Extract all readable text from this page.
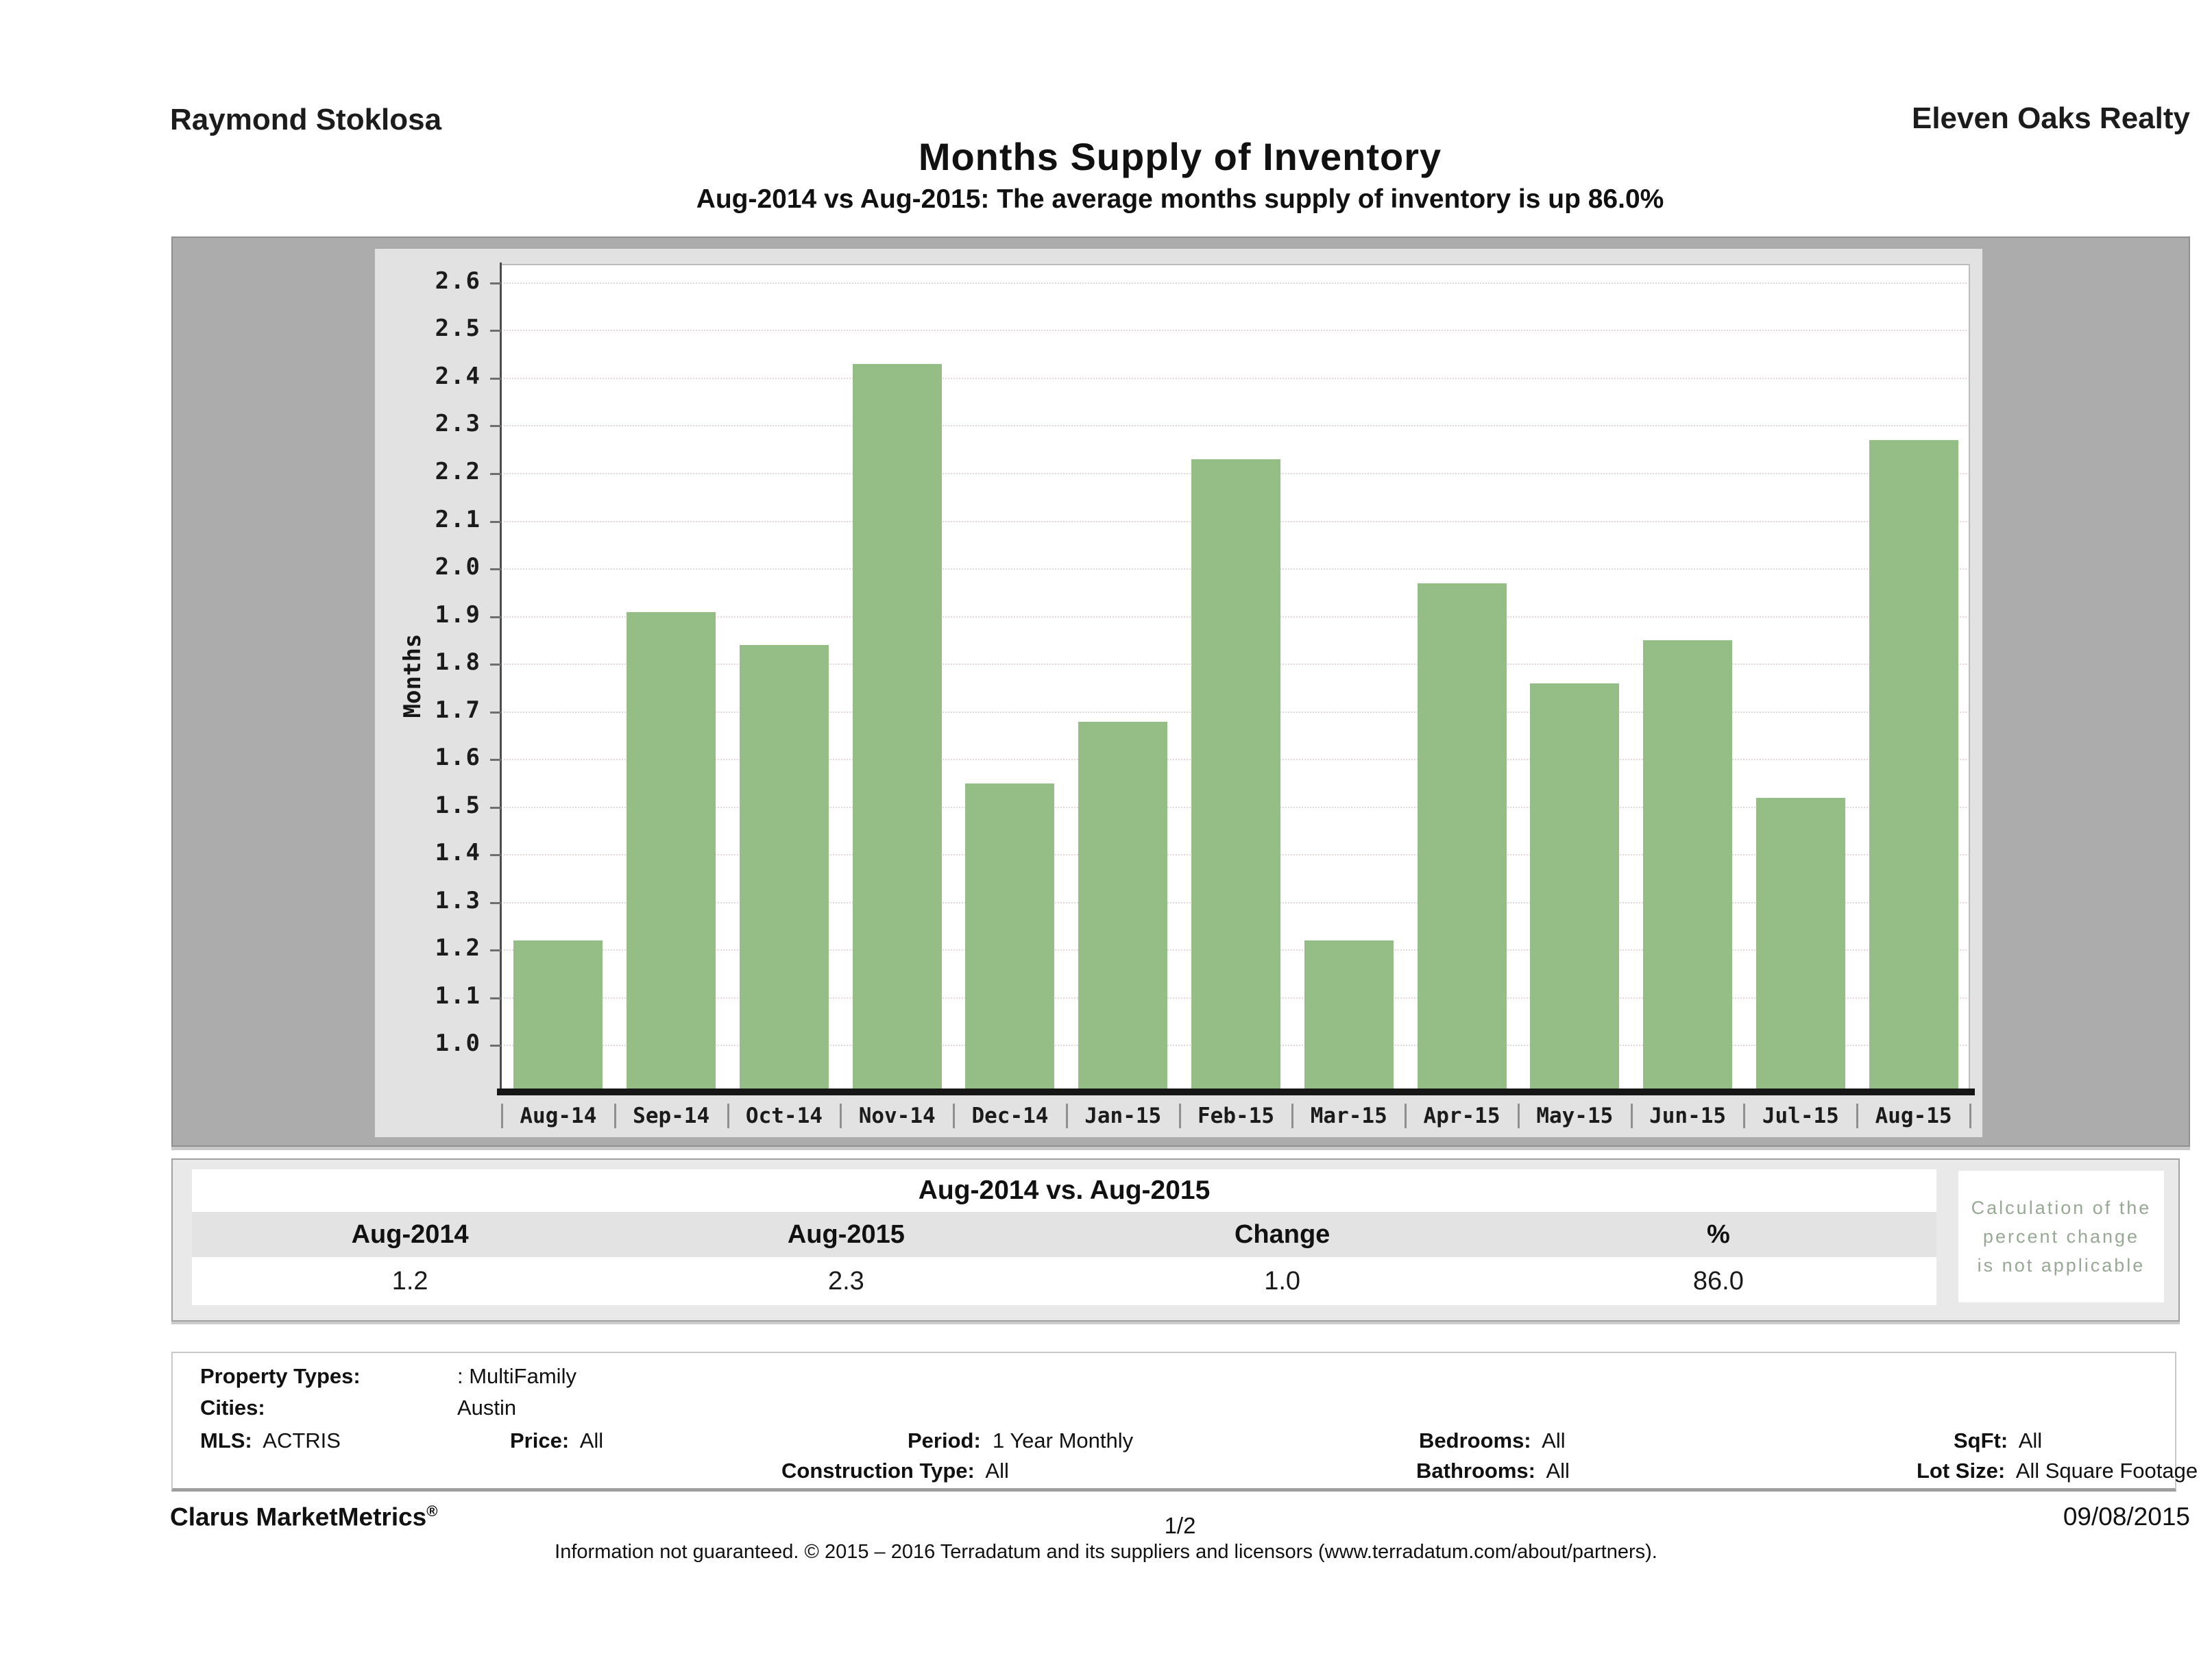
Raymond Stoklosa	Eleven Oaks Realty
Months Supply of Inventory
Aug-2014 vs Aug-2015: The average months supply of inventory is up 86.0%
Months
1.0
1.1
1.2
1.3
1.4
1.5
1.6
1.7
1.8
1.9
2.0
2.1
2.2
2.3
2.4
2.5
2.6
Aug-14	Sep-14	Oct-14	Nov-14	Dec-14	Jan-15	Feb-15	Mar-15	Apr-15	May-15	Jun-15	Jul-15	Aug-15
Aug-2014 vs. Aug-2015
Aug-2014	Aug-2015	Change	%
1.2	2.3	1.0	86.0
Calculation of the
percent change
is not applicable
Property Types:	: MultiFamily
Cities:	Austin
MLS: ACTRIS	Price: All	Period: 1 Year Monthly	Bedrooms: All	SqFt: All
Construction Type: All	Bathrooms: All	Lot Size: All Square Footage
Clarus MarketMetrics®
1/2	09/08/2015
Information not guaranteed. © 2015 – 2016 Terradatum and its suppliers and licensors (www.terradatum.com/about/partners).
